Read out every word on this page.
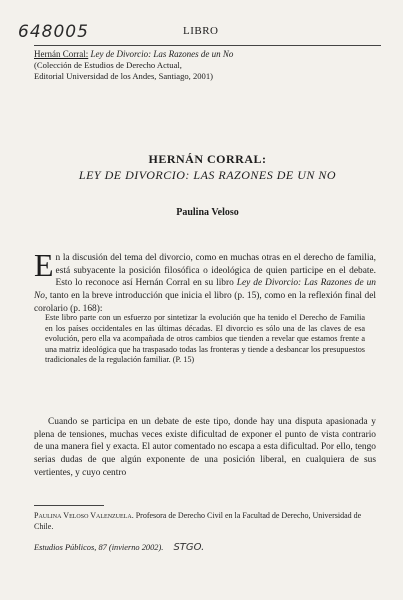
648005	LIBRO
Hernán Corral: Ley de Divorcio: Las Razones de un No
(Colección de Estudios de Derecho Actual,
Editorial Universidad de los Andes, Santiago, 2001)
HERNÁN CORRAL:
LEY DE DIVORCIO: LAS RAZONES DE UN NO
Paulina Veloso
En la discusión del tema del divorcio, como en muchas otras en el derecho de familia, está subyacente la posición filosófica o ideológica de quien participe en el debate. Esto lo reconoce así Hernán Corral en su libro Ley de Divorcio: Las Razones de un No, tanto en la breve introducción que inicia el libro (p. 15), como en la reflexión final del corolario (p. 168):
Este libro parte con un esfuerzo por sintetizar la evolución que ha tenido el Derecho de Familia en los países occidentales en las últimas décadas. El divorcio es sólo una de las claves de esa evolución, pero ella va acompañada de otros cambios que tienden a revelar que estamos frente a una matriz ideológica que ha traspasado todas las fronteras y tiende a desbancar los presupuestos tradicionales de la regulación familiar. (P. 15)
Cuando se participa en un debate de este tipo, donde hay una disputa apasionada y plena de tensiones, muchas veces existe dificultad de exponer el punto de vista contrario de una manera fiel y exacta. El autor comentado no escapa a esta dificultad. Por ello, tengo serias dudas de que algún exponente de una posición liberal, en cualquiera de sus vertientes, y cuyo centro
Paulina Veloso Valenzuela. Profesora de Derecho Civil en la Facultad de Derecho, Universidad de Chile.
Estudios Públicos, 87 (invierno 2002). STGO.
